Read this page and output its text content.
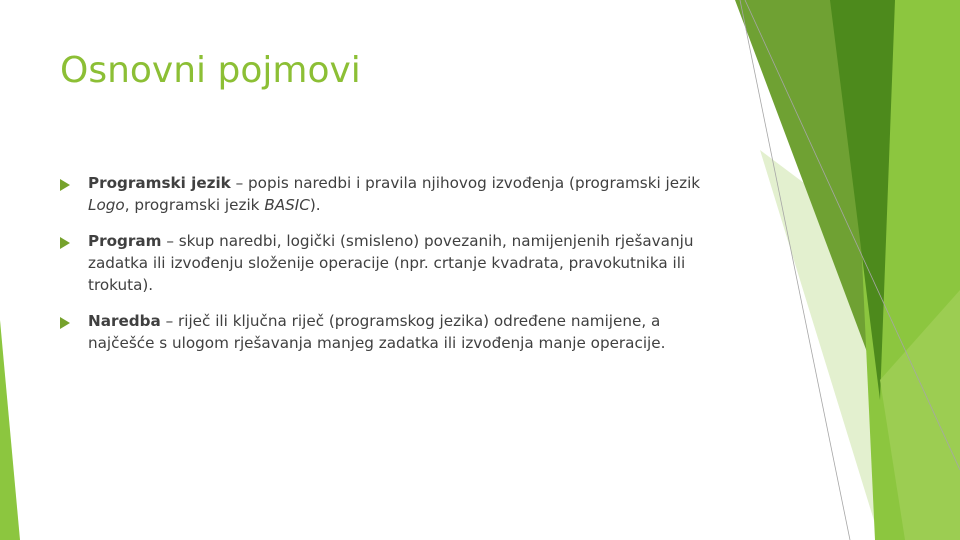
Osnovni pojmovi
Programski jezik – popis naredbi i pravila njihovog izvođenja (programski jezik Logo, programski jezik BASIC).
Program – skup naredbi, logički (smisleno) povezanih, namijenjenih rješavanju zadatka ili izvođenju složenije operacije (npr. crtanje kvadrata, pravokutnika ili trokuta).
Naredba – riječ ili ključna riječ (programskog jezika) određene namijene, a najčešće s ulogom rješavanja manjeg zadatka ili izvođenja manje operacije.
